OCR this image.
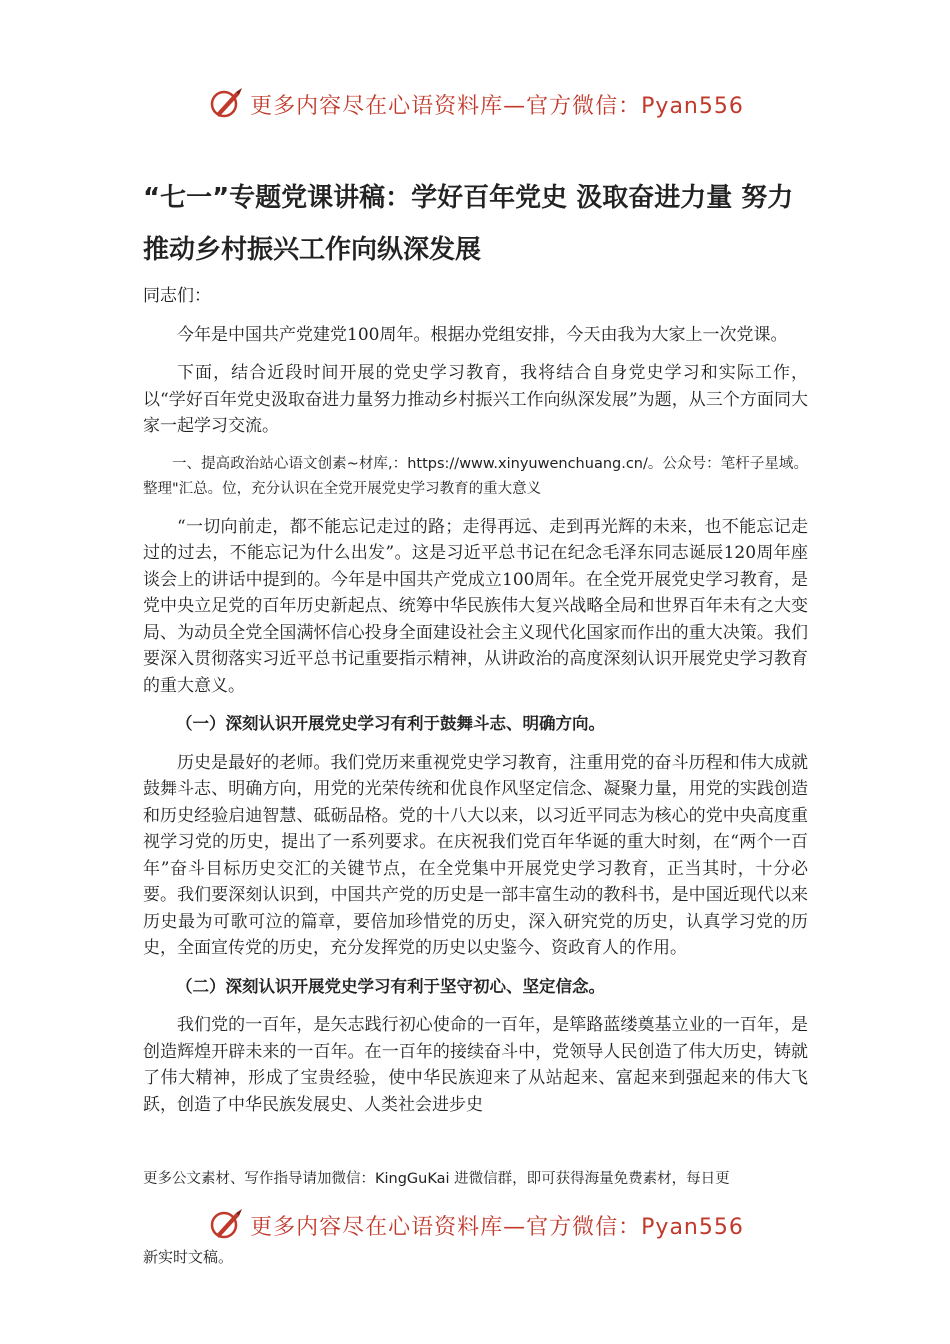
更多内容尽在心语资料库—官方微信：Pyan556
“七一”专题党课讲稿：学好百年党史 汲取奋进力量 努力推动乡村振兴工作向纵深发展

同志们：

今年是中国共产党建党100周年。根据办党组安排，今天由我为大家上一次党课。

下面，结合近段时间开展的党史学习教育，我将结合自身党史学习和实际工作，以“学好百年党史汲取奋进力量努力推动乡村振兴工作向纵深发展”为题，从三个方面同大家一起学习交流。

一、提高政治站心语文创素~材库,：https://www.xinyuwenchuang.cn/。公众号：笔杆子星域。整理"汇总。位，充分认识在全党开展党史学习教育的重大意义

“一切向前走，都不能忘记走过的路；走得再远、走到再光辉的未来，也不能忘记走过的过去，不能忘记为什么出发”。这是习近平总书记在纪念毛泽东同志诞辰120周年座谈会上的讲话中提到的。今年是中国共产党成立100周年。在全党开展党史学习教育，是党中央立足党的百年历史新起点、统筹中华民族伟大复兴战略全局和世界百年未有之大变局、为动员全党全国满怀信心投身全面建设社会主义现代化国家而作出的重大决策。我们要深入贯彻落实习近平总书记重要指示精神，从讲政治的高度深刻认识开展党史学习教育的重大意义。

（一）深刻认识开展党史学习有利于鼓舞斗志、明确方向。

历史是最好的老师。我们党历来重视党史学习教育，注重用党的奋斗历程和伟大成就鼓舞斗志、明确方向，用党的光荣传统和优良作风坚定信念、凝聚力量，用党的实践创造和历史经验启迪智慧、砥砺品格。党的十八大以来，以习近平同志为核心的党中央高度重视学习党的历史，提出了一系列要求。在庆祝我们党百年华诞的重大时刻，在“两个一百年”奋斗目标历史交汇的关键节点，在全党集中开展党史学习教育，正当其时，十分必要。我们要深刻认识到，中国共产党的历史是一部丰富生动的教科书，是中国近现代以来历史最为可歌可泣的篇章，要倍加珍惜党的历史，深入研究党的历史，认真学习党的历史，全面宣传党的历史，充分发挥党的历史以史鉴今、资政育人的作用。

（二）深刻认识开展党史学习有利于坚守初心、坚定信念。

我们党的一百年，是矢志践行初心使命的一百年，是筚路蓝缕奠基立业的一百年，是创造辉煌开辟未来的一百年。在一百年的接续奋斗中，党领导人民创造了伟大历史，铸就了伟大精神，形成了宝贵经验，使中华民族迎来了从站起来、富起来到强起来的伟大飞跃，创造了中华民族发展史、人类社会进步史

更多公文素材、写作指导请加微信：KingGuKai 进微信群，即可获得海量免费素材，每日更
更多内容尽在心语资料库—官方微信：Pyan556
新实时文稿。
